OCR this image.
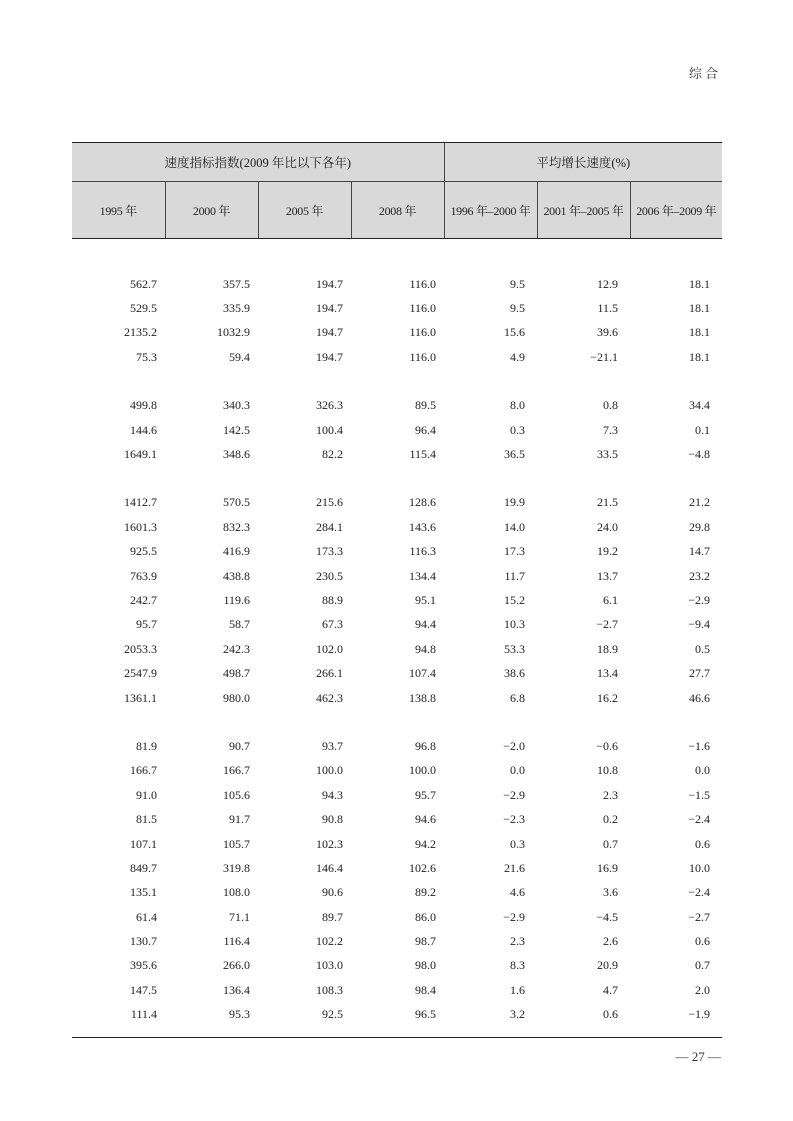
综合
速度指标指数(2009 年比以下各年)				平均增长速度(%)		
1995 年	2000 年	2005 年	2008 年	1996 年–2000 年	2001 年–2005 年	2006 年–2009 年

562.7	357.5	194.7	116.0	9.5	12.9	18.1
529.5	335.9	194.7	116.0	9.5	11.5	18.1
2135.2	1032.9	194.7	116.0	15.6	39.6	18.1
75.3	59.4	194.7	116.0	4.9	−21.1	18.1

499.8	340.3	326.3	89.5	8.0	0.8	34.4
144.6	142.5	100.4	96.4	0.3	7.3	0.1
1649.1	348.6	82.2	115.4	36.5	33.5	−4.8

1412.7	570.5	215.6	128.6	19.9	21.5	21.2
1601.3	832.3	284.1	143.6	14.0	24.0	29.8
925.5	416.9	173.3	116.3	17.3	19.2	14.7
763.9	438.8	230.5	134.4	11.7	13.7	23.2
242.7	119.6	88.9	95.1	15.2	6.1	−2.9
95.7	58.7	67.3	94.4	10.3	−2.7	−9.4
2053.3	242.3	102.0	94.8	53.3	18.9	0.5
2547.9	498.7	266.1	107.4	38.6	13.4	27.7
1361.1	980.0	462.3	138.8	6.8	16.2	46.6

81.9	90.7	93.7	96.8	−2.0	−0.6	−1.6
166.7	166.7	100.0	100.0	0.0	10.8	0.0
91.0	105.6	94.3	95.7	−2.9	2.3	−1.5
81.5	91.7	90.8	94.6	−2.3	0.2	−2.4
107.1	105.7	102.3	94.2	0.3	0.7	0.6
849.7	319.8	146.4	102.6	21.6	16.9	10.0
135.1	108.0	90.6	89.2	4.6	3.6	−2.4
61.4	71.1	89.7	86.0	−2.9	−4.5	−2.7
130.7	116.4	102.2	98.7	2.3	2.6	0.6
395.6	266.0	103.0	98.0	8.3	20.9	0.7
147.5	136.4	108.3	98.4	1.6	4.7	2.0
111.4	95.3	92.5	96.5	3.2	0.6	−1.9
— 27 —
